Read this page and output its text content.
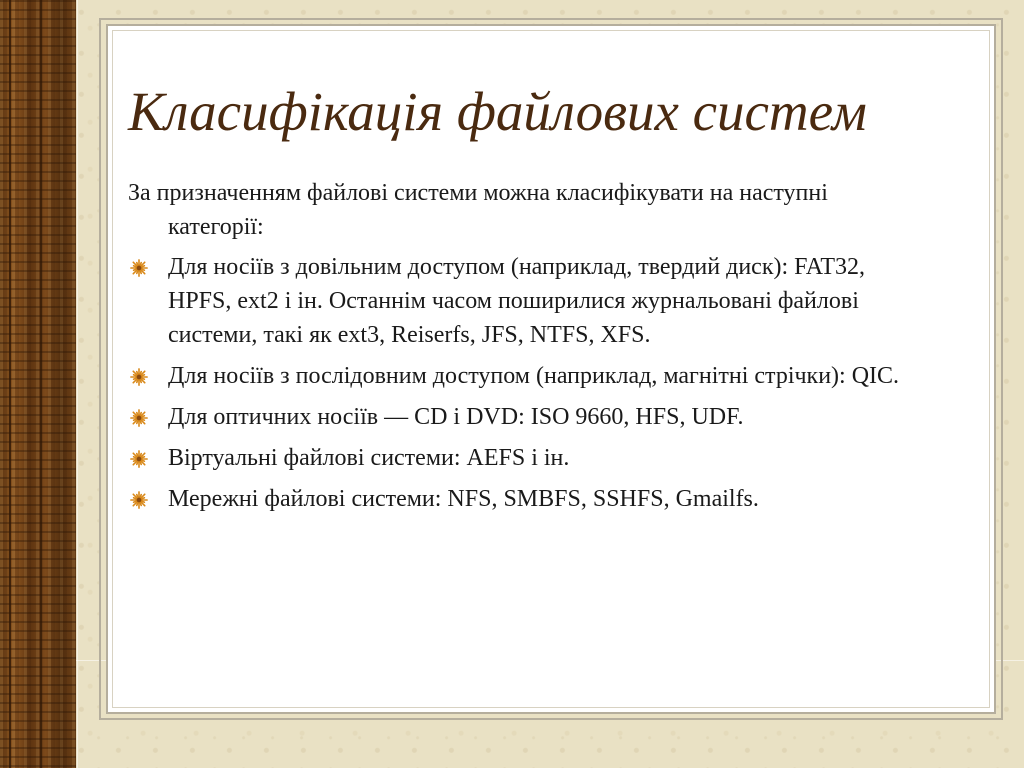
Класифікація файлових систем

За призначенням файлові системи можна класифікувати на наступні категорії:

Для носіїв з довільним доступом (наприклад, твердий диск): FAT32, HPFS, ext2 і ін. Останнім часом поширилися журнальовані файлові системи, такі як ext3, Reiserfs, JFS, NTFS, XFS.
Для носіїв з послідовним доступом (наприклад, магнітні стрічки): QIC.
Для оптичних носіїв — CD і DVD: ISO 9660, HFS, UDF.
Віртуальні файлові системи: AEFS і ін.
Мережні файлові системи: NFS, SMBFS, SSHFS, Gmailfs.
